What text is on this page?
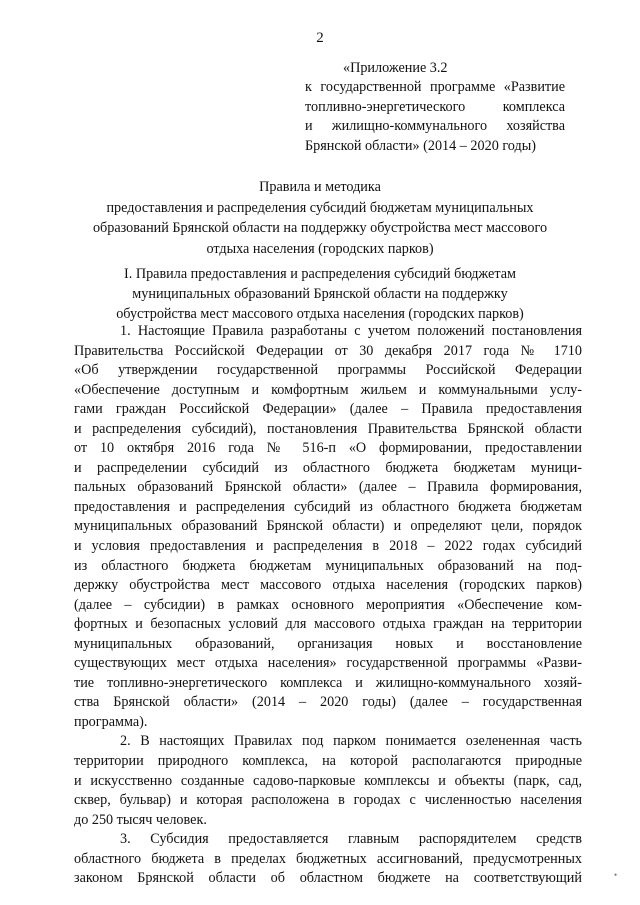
2
«Приложение 3.2
к государственной программе «Развитие
топливно-энергетического комплекса
и жилищно-коммунального хозяйства
Брянской области» (2014 – 2020 годы)
Правила и методика
предоставления и распределения субсидий бюджетам муниципальных
образований Брянской области на поддержку обустройства мест массового
отдыха населения (городских парков)
I. Правила предоставления и распределения субсидий бюджетам
муниципальных образований Брянской области на поддержку
обустройства мест массового отдыха населения (городских парков)
1. Настоящие Правила разработаны с учетом положений постановления
Правительства Российской Федерации от 30 декабря 2017 года № 1710
«Об утверждении государственной программы Российской Федерации
«Обеспечение доступным и комфортным жильем и коммунальными услу-
гами граждан Российской Федерации» (далее – Правила предоставления
и распределения субсидий), постановления Правительства Брянской области
от 10 октября 2016 года № 516-п «О формировании, предоставлении
и распределении субсидий из областного бюджета бюджетам муници-
пальных образований Брянской области» (далее – Правила формирования,
предоставления и распределения субсидий из областного бюджета бюджетам
муниципальных образований Брянской области) и определяют цели, порядок
и условия предоставления и распределения в 2018 – 2022 годах субсидий
из областного бюджета бюджетам муниципальных образований на под-
держку обустройства мест массового отдыха населения (городских парков)
(далее – субсидии) в рамках основного мероприятия «Обеспечение ком-
фортных и безопасных условий для массового отдыха граждан на территории
муниципальных образований, организация новых и восстановление
существующих мест отдыха населения» государственной программы «Разви-
тие топливно-энергетического комплекса и жилищно-коммунального хозяй-
ства Брянской области» (2014 – 2020 годы) (далее – государственная
программа).
2. В настоящих Правилах под парком понимается озелененная часть
территории природного комплекса, на которой располагаются природные
и искусственно созданные садово-парковые комплексы и объекты (парк, сад,
сквер, бульвар) и которая расположена в городах с численностью населения
до 250 тысяч человек.
3. Субсидия предоставляется главным распорядителем средств
областного бюджета в пределах бюджетных ассигнований, предусмотренных
законом Брянской области об областном бюджете на соответствующий	•
